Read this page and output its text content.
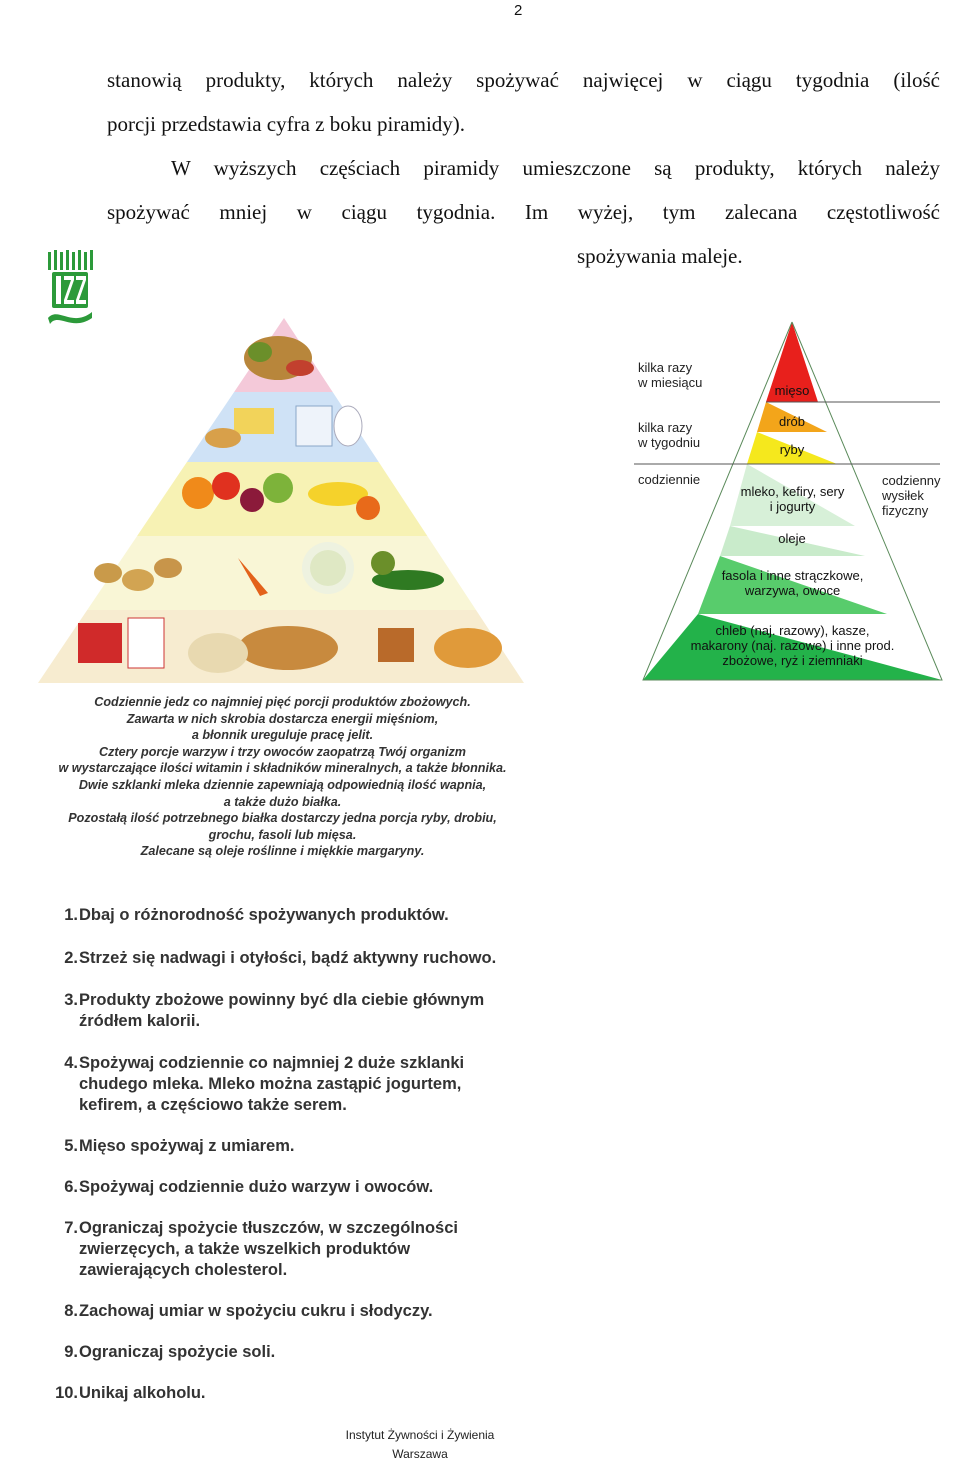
2
stanowią produkty, których należy spożywać najwięcej w ciągu tygodnia (ilość
porcji przedstawia cyfra z boku piramidy).
W wyższych częściach piramidy umieszczone są produkty, których należy
spożywać mniej w ciągu tygodnia. Im wyżej, tym zalecana częstotliwość
spożywania maleje.
Codziennie jedz co najmniej pięć porcji produktów zbożowych.
Zawarta w nich skrobia dostarcza energii mięśniom,
a błonnik ureguluje pracę jelit.
Cztery porcje warzyw i trzy owoców zaopatrzą Twój organizm
w wystarczające ilości witamin i składników mineralnych, a także błonnika.
Dwie szklanki mleka dziennie zapewniają odpowiednią ilość wapnia,
a także dużo białka.
Pozostałą ilość potrzebnego białka dostarczy jedna porcja ryby, drobiu,
grochu, fasoli lub mięsa.
Zalecane są oleje roślinne i miękkie margaryny.
1. Dbaj o różnorodność spożywanych produktów.
2. Strzeż się nadwagi i otyłości, bądź aktywny ruchowo.
3. Produkty zbożowe powinny być dla ciebie głównym
źródłem kalorii.
4. Spożywaj codziennie co najmniej 2 duże szklanki
chudego mleka. Mleko można zastąpić jogurtem,
kefirem, a częściowo także serem.
5. Mięso spożywaj z umiarem.
6. Spożywaj codziennie dużo warzyw i owoców.
7. Ograniczaj spożycie tłuszczów, w szczególności
zwierzęcych, a także wszelkich produktów
zawierających cholesterol.
8. Zachowaj umiar w spożyciu cukru i słodyczy.
9. Ograniczaj spożycie soli.
10. Unikaj alkoholu.
Instytut Żywności i Żywienia
Warszawa
kilka razy
w miesiącu
kilka razy
w tygodniu
codziennie	codzienny
wysiłek
fizyczny
mięso
drób
ryby
mleko, kefiry, sery
i jogurty
oleje
fasola i inne strączkowe,
warzywa, owoce
chleb (naj. razowy), kasze,
makarony (naj. razowe) i inne prod.
zbożowe, ryż i ziemniaki
